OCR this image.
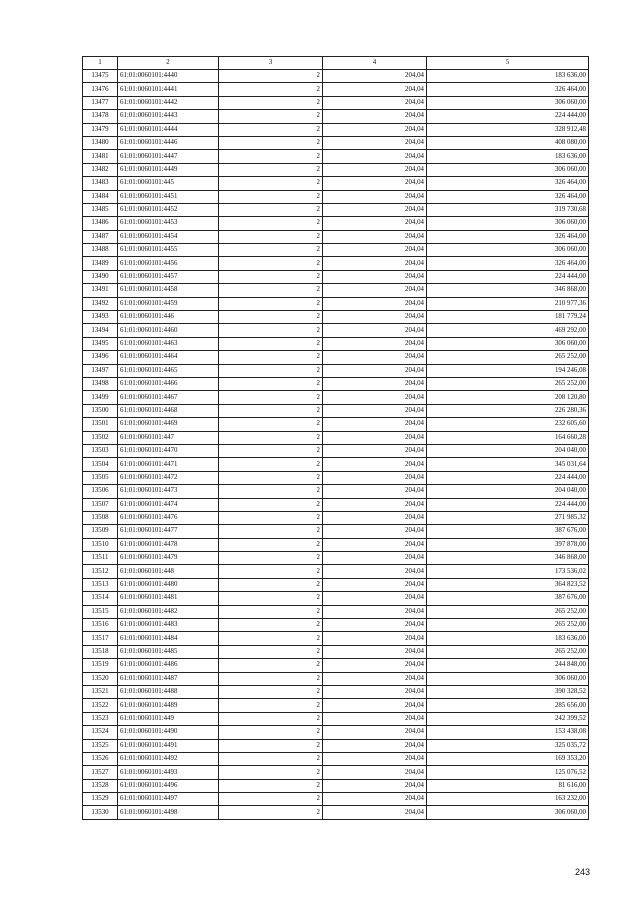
1	2	3	4	5
13475	61:01:0060101:4440	2	204,04	183 636,00
13476	61:01:0060101:4441	2	204,04	326 464,00
13477	61:01:0060101:4442	2	204,04	306 060,00
13478	61:01:0060101:4443	2	204,04	224 444,00
13479	61:01:0060101:4444	2	204,04	328 912,48
13480	61:01:0060101:4446	2	204,04	408 080,00
13481	61:01:0060101:4447	2	204,04	183 636,00
13482	61:01:0060101:4449	2	204,04	306 060,00
13483	61:01:0060101:445	2	204,04	326 464,00
13484	61:01:0060101:4451	2	204,04	326 464,00
13485	61:01:0060101:4452	2	204,04	319 730,68
13486	61:01:0060101:4453	2	204,04	306 060,00
13487	61:01:0060101:4454	2	204,04	326 464,00
13488	61:01:0060101:4455	2	204,04	306 060,00
13489	61:01:0060101:4456	2	204,04	326 464,00
13490	61:01:0060101:4457	2	204,04	224 444,00
13491	61:01:0060101:4458	2	204,04	346 868,00
13492	61:01:0060101:4459	2	204,04	210 977,36
13493	61:01:0060101:446	2	204,04	181 779,24
13494	61:01:0060101:4460	2	204,04	469 292,00
13495	61:01:0060101:4463	2	204,04	306 060,00
13496	61:01:0060101:4464	2	204,04	265 252,00
13497	61:01:0060101:4465	2	204,04	194 246,08
13498	61:01:0060101:4466	2	204,04	265 252,00
13499	61:01:0060101:4467	2	204,04	208 120,80
13500	61:01:0060101:4468	2	204,04	226 280,36
13501	61:01:0060101:4469	2	204,04	232 605,60
13502	61:01:0060101:447	2	204,04	164 660,28
13503	61:01:0060101:4470	2	204,04	204 040,00
13504	61:01:0060101:4471	2	204,04	345 031,64
13505	61:01:0060101:4472	2	204,04	224 444,00
13506	61:01:0060101:4473	2	204,04	204 040,00
13507	61:01:0060101:4474	2	204,04	224 444,00
13508	61:01:0060101:4476	2	204,04	271 985,32
13509	61:01:0060101:4477	2	204,04	387 676,00
13510	61:01:0060101:4478	2	204,04	397 878,00
13511	61:01:0060101:4479	2	204,04	346 868,00
13512	61:01:0060101:448	2	204,04	173 536,02
13513	61:01:0060101:4480	2	204,04	364 823,52
13514	61:01:0060101:4481	2	204,04	387 676,00
13515	61:01:0060101:4482	2	204,04	265 252,00
13516	61:01:0060101:4483	2	204,04	265 252,00
13517	61:01:0060101:4484	2	204,04	183 636,00
13518	61:01:0060101:4485	2	204,04	265 252,00
13519	61:01:0060101:4486	2	204,04	244 848,00
13520	61:01:0060101:4487	2	204,04	306 060,00
13521	61:01:0060101:4488	2	204,04	390 328,52
13522	61:01:0060101:4489	2	204,04	285 656,00
13523	61:01:0060101:449	2	204,04	242 399,52
13524	61:01:0060101:4490	2	204,04	153 438,08
13525	61:01:0060101:4491	2	204,04	325 035,72
13526	61:01:0060101:4492	2	204,04	169 353,20
13527	61:01:0060101:4493	2	204,04	125 076,52
13528	61:01:0060101:4496	2	204,04	81 616,00
13529	61:01:0060101:4497	2	204,04	163 232,00
13530	61:01:0060101:4498	2	204,04	306 060,00
243
